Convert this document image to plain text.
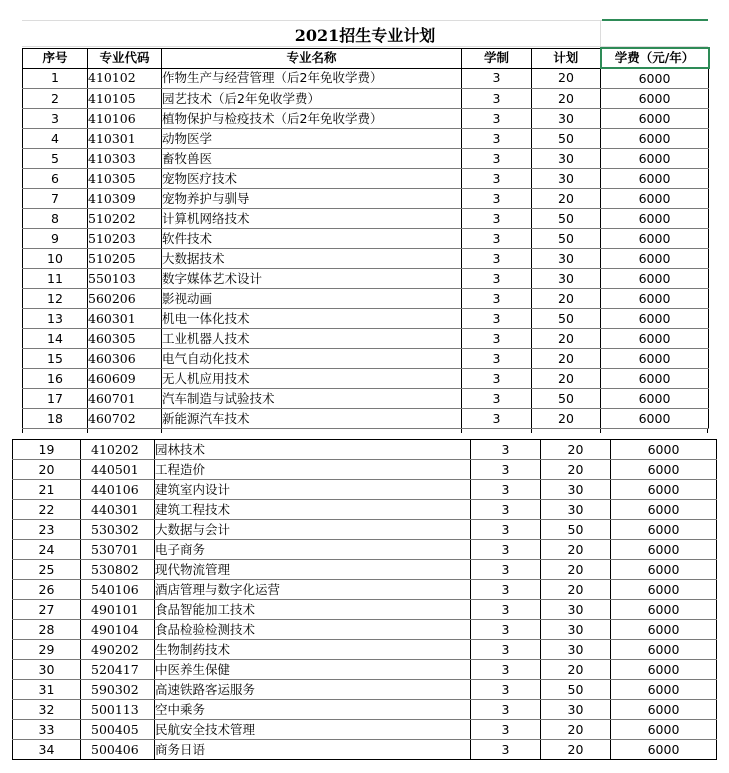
2021招生专业计划
序号	专业代码	专业名称	学制	计划	学费（元/年）
1	410102	作物生产与经营管理（后2年免收学费）	3	20	6000
2	410105	园艺技术（后2年免收学费）	3	20	6000
3	410106	植物保护与检疫技术（后2年免收学费）	3	30	6000
4	410301	动物医学	3	50	6000
5	410303	畜牧兽医	3	30	6000
6	410305	宠物医疗技术	3	30	6000
7	410309	宠物养护与驯导	3	20	6000
8	510202	计算机网络技术	3	50	6000
9	510203	软件技术	3	50	6000
10	510205	大数据技术	3	30	6000
11	550103	数字媒体艺术设计	3	30	6000
12	560206	影视动画	3	20	6000
13	460301	机电一体化技术	3	50	6000
14	460305	工业机器人技术	3	20	6000
15	460306	电气自动化技术	3	20	6000
16	460609	无人机应用技术	3	20	6000
17	460701	汽车制造与试验技术	3	50	6000
18	460702	新能源汽车技术	3	20	6000
19	410202	园林技术	3	20	6000
20	440501	工程造价	3	20	6000
21	440106	建筑室内设计	3	30	6000
22	440301	建筑工程技术	3	30	6000
23	530302	大数据与会计	3	50	6000
24	530701	电子商务	3	20	6000
25	530802	现代物流管理	3	20	6000
26	540106	酒店管理与数字化运营	3	20	6000
27	490101	食品智能加工技术	3	30	6000
28	490104	食品检验检测技术	3	30	6000
29	490202	生物制药技术	3	30	6000
30	520417	中医养生保健	3	20	6000
31	590302	高速铁路客运服务	3	50	6000
32	500113	空中乘务	3	30	6000
33	500405	民航安全技术管理	3	20	6000
34	500406	商务日语	3	20	6000
